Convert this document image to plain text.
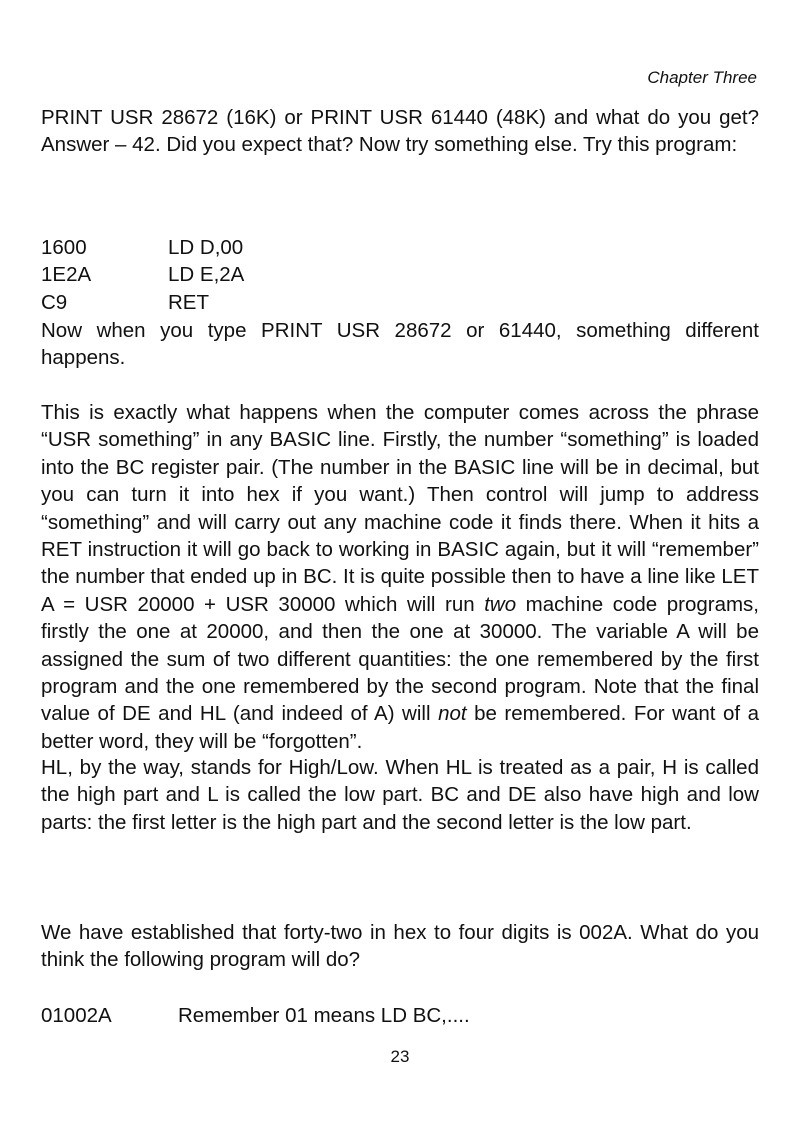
Chapter Three

PRINT USR 28672 (16K) or PRINT USR 61440 (48K) and what do you get? Answer – 42. Did you expect that? Now try something else. Try this program:

1600	LD D,00
1E2A	LD E,2A
C9	RET

Now when you type PRINT USR 28672 or 61440, something different happens.

This is exactly what happens when the computer comes across the phrase “USR something” in any BASIC line. Firstly, the number “something” is loaded into the BC register pair. (The number in the BASIC line will be in decimal, but you can turn it into hex if you want.) Then control will jump to address “something” and will carry out any machine code it finds there. When it hits a RET instruction it will go back to working in BASIC again, but it will “remember” the number that ended up in BC. It is quite possible then to have a line like LET A = USR 20000 + USR 30000 which will run two machine code programs, firstly the one at 20000, and then the one at 30000. The variable A will be assigned the sum of two different quantities: the one remembered by the first program and the one remembered by the second program. Note that the final value of DE and HL (and indeed of A) will not be remembered. For want of a better word, they will be “forgotten”.

HL, by the way, stands for High/Low. When HL is treated as a pair, H is called the high part and L is called the low part. BC and DE also have high and low parts: the first letter is the high part and the second letter is the low part.

We have established that forty-two in hex to four digits is 002A. What do you think the following program will do?

01002A	Remember 01 means LD BC,....
23
